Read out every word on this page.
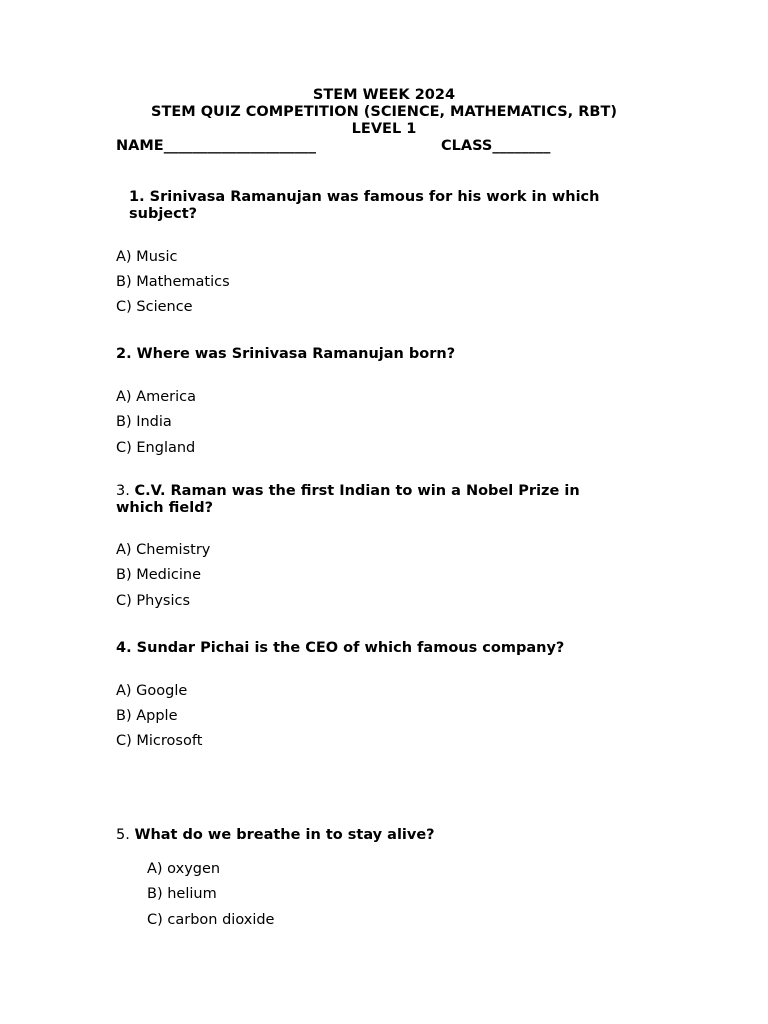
STEM WEEK 2024
STEM QUIZ COMPETITION (SCIENCE, MATHEMATICS, RBT)
LEVEL 1
NAME_____________________	CLASS________
1. Srinivasa Ramanujan was famous for his work in which subject?
A) Music
B) Mathematics
C) Science
2. Where was Srinivasa Ramanujan born?
A) America
B) India
C) England
3. C.V. Raman was the first Indian to win a Nobel Prize in which field?
A) Chemistry
B) Medicine
C) Physics
4. Sundar Pichai is the CEO of which famous company?
A) Google
B) Apple
C) Microsoft
5. What do we breathe in to stay alive?
A) oxygen
B) helium
C) carbon dioxide
